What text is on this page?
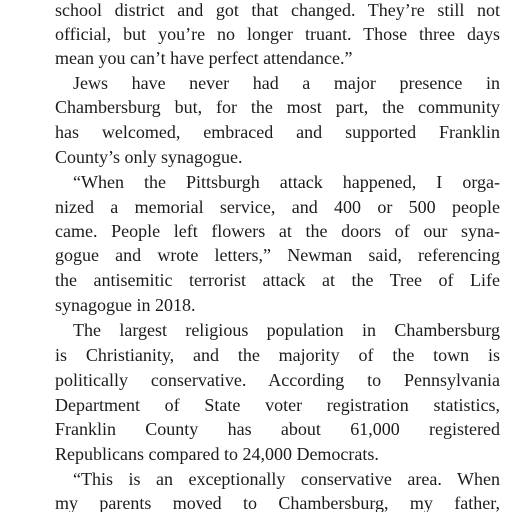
school district and got that changed. They’re still not
official, but you’re no longer truant. Those three days
mean you can’t have perfect attendance.”
Jews have never had a major presence in
Chambersburg but, for the most part, the community
has welcomed, embraced and supported Franklin
County’s only synagogue.
“When the Pittsburgh attack happened, I orga-
nized a memorial service, and 400 or 500 people
came. People left flowers at the doors of our syna-
gogue and wrote letters,” Newman said, referencing
the antisemitic terrorist attack at the Tree of Life
synagogue in 2018.
The largest religious population in Chambersburg
is Christianity, and the majority of the town is
politically conservative. According to Pennsylvania
Department of State voter registration statistics,
Franklin County has about 61,000 registered
Republicans compared to 24,000 Democrats.
“This is an exceptionally conservative area. When
my parents moved to Chambersburg, my father,
